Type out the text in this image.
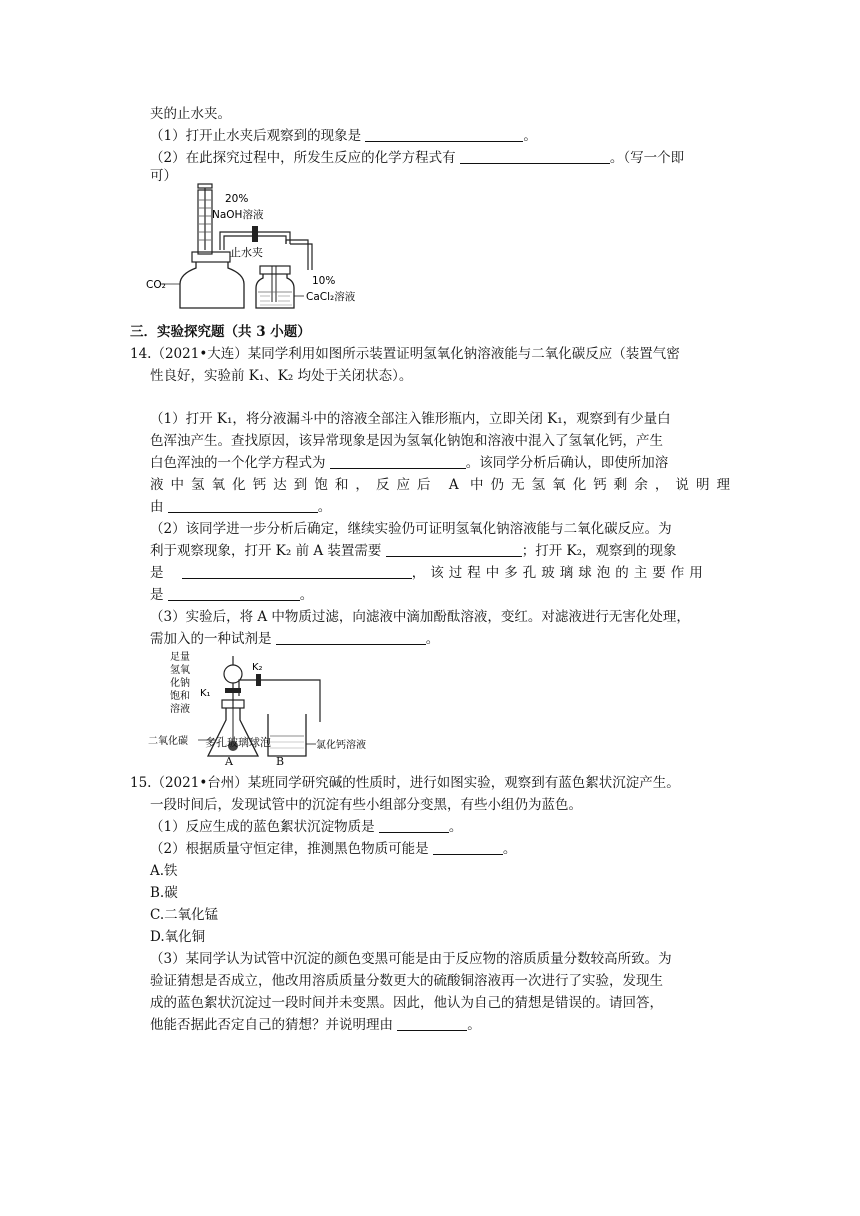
夹的止水夹。
（1）打开止水夹后观察到的现象是	。
（2）在此探究过程中，所发生反应的化学方程式有	。（写一个即
可）
20%
NaOH溶液
止水夹
CO₂	10%
CaCl₂溶液
三．实验探究题（共 3 小题）
14.（2021•大连）某同学利用如图所示装置证明氢氧化钠溶液能与二氧化碳反应（装置气密
性良好，实验前 K₁、K₂ 均处于关闭状态）。
（1）打开 K₁，将分液漏斗中的溶液全部注入锥形瓶内，立即关闭 K₁，观察到有少量白
色浑浊产生。查找原因，该异常现象是因为氢氧化钠饱和溶液中混入了氢氧化钙，产生
白色浑浊的一个化学方程式为	。该同学分析后确认，即使所加溶
液中氢氧化钙达到饱和，反应后 A 中仍无氢氧化钙剩余，说明理
由	。
（2）该同学进一步分析后确定，继续实验仍可证明氢氧化钠溶液能与二氧化碳反应。为
利于观察现象，打开 K₂ 前 A 装置需要	；打开 K₂，观察到的现象
是	，该过程中多孔玻璃球泡的主要作用
是	。
（3）实验后，将 A 中物质过滤，向滤液中滴加酚酞溶液，变红。对滤液进行无害化处理，
需加入的一种试剂是	。
足量
氢氧
化钠
饱和
溶液
K₁
K₂
二氧化碳	氯化钙溶液
多孔玻璃球泡
A	B
15.（2021•台州）某班同学研究碱的性质时，进行如图实验，观察到有蓝色絮状沉淀产生。
一段时间后，发现试管中的沉淀有些小组部分变黑，有些小组仍为蓝色。
（1）反应生成的蓝色絮状沉淀物质是	。
（2）根据质量守恒定律，推测黑色物质可能是	。
A.铁
B.碳
C.二氧化锰
D.氧化铜
（3）某同学认为试管中沉淀的颜色变黑可能是由于反应物的溶质质量分数较高所致。为
验证猜想是否成立，他改用溶质质量分数更大的硫酸铜溶液再一次进行了实验，发现生
成的蓝色絮状沉淀过一段时间并未变黑。因此，他认为自己的猜想是错误的。请回答，
他能否据此否定自己的猜想？并说明理由	。
